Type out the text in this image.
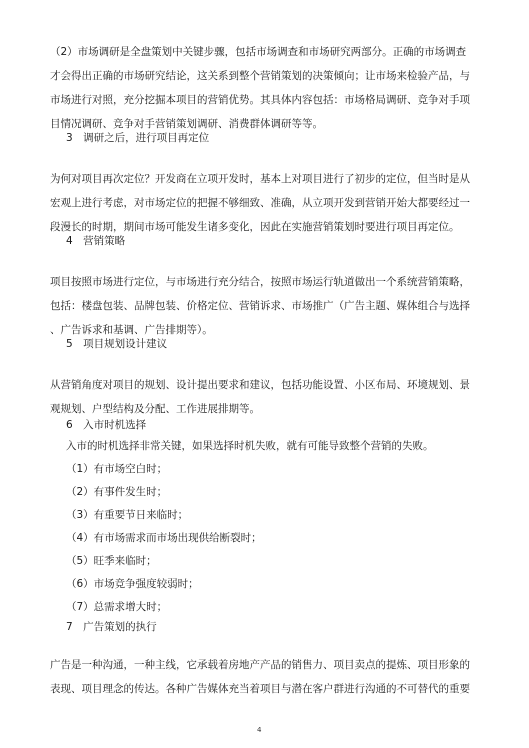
（2）市场调研是全盘策划中关键步骤，包括市场调查和市场研究两部分。正确的市场调查
才会得出正确的市场研究结论，这关系到整个营销策划的决策倾向；让市场来检验产品，与
市场进行对照，充分挖掘本项目的营销优势。其具体内容包括：市场格局调研、竞争对手项
目情况调研、竞争对手营销策划调研、消费群体调研等等。
3　调研之后，进行项目再定位
为何对项目再次定位？开发商在立项开发时，基本上对项目进行了初步的定位，但当时是从
宏观上进行考虑，对市场定位的把握不够细致、准确，从立项开发到营销开始大都要经过一
段漫长的时期，期间市场可能发生诸多变化，因此在实施营销策划时要进行项目再定位。
4　营销策略
项目按照市场进行定位，与市场进行充分结合，按照市场运行轨道做出一个系统营销策略，
包括：楼盘包装、品牌包装、价格定位、营销诉求、市场推广（广告主题、媒体组合与选择
、广告诉求和基调、广告排期等）。
5　项目规划设计建议
从营销角度对项目的规划、设计提出要求和建议，包括功能设置、小区布局、环境规划、景
观规划、户型结构及分配、工作进展排期等。
6　入市时机选择
入市的时机选择非常关键，如果选择时机失败，就有可能导致整个营销的失败。
（1）有市场空白时；
（2）有事件发生时；
（3）有重要节日来临时；
（4）有市场需求而市场出现供给断裂时；
（5）旺季来临时；
（6）市场竞争强度较弱时；
（7）总需求增大时；
7　广告策划的执行
广告是一种沟通，一种主线，它承载着房地产产品的销售力、项目卖点的提炼、项目形象的
表现、项目理念的传达。各种广告媒体充当着项目与潜在客户群进行沟通的不可替代的重要
4
